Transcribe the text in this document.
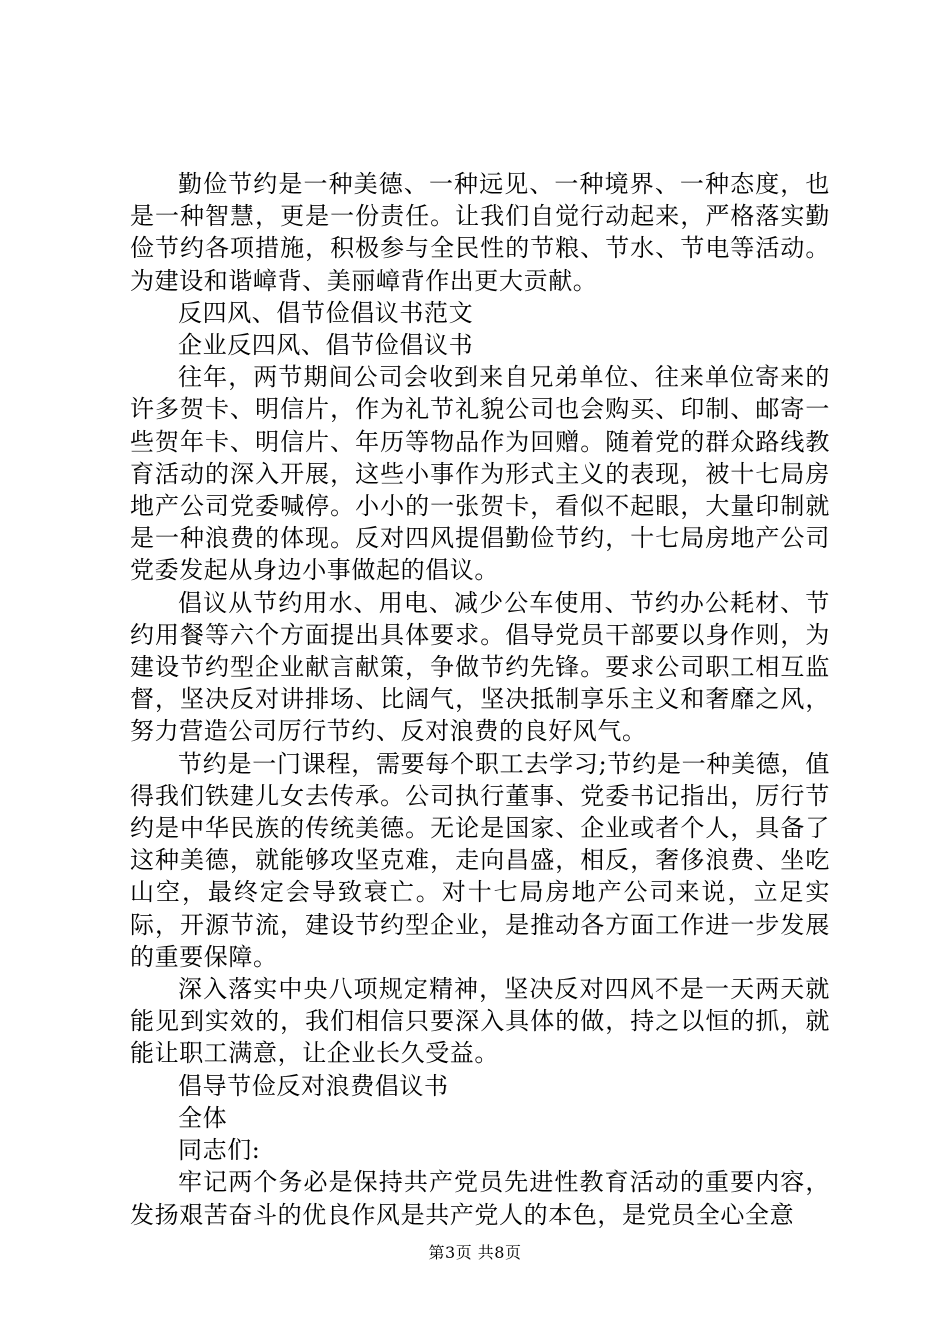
勤俭节约是一种美德、一种远见、一种境界、一种态度，也是一种智慧，更是一份责任。让我们自觉行动起来，严格落实勤俭节约各项措施，积极参与全民性的节粮、节水、节电等活动。为建设和谐嶂背、美丽嶂背作出更大贡献。

反四风、倡节俭倡议书范文

企业反四风、倡节俭倡议书

往年，两节期间公司会收到来自兄弟单位、往来单位寄来的许多贺卡、明信片，作为礼节礼貌公司也会购买、印制、邮寄一些贺年卡、明信片、年历等物品作为回赠。随着党的群众路线教育活动的深入开展，这些小事作为形式主义的表现，被十七局房地产公司党委喊停。小小的一张贺卡，看似不起眼，大量印制就是一种浪费的体现。反对四风提倡勤俭节约，十七局房地产公司党委发起从身边小事做起的倡议。

倡议从节约用水、用电、减少公车使用、节约办公耗材、节约用餐等六个方面提出具体要求。倡导党员干部要以身作则，为建设节约型企业献言献策，争做节约先锋。要求公司职工相互监督，坚决反对讲排场、比阔气，坚决抵制享乐主义和奢靡之风，努力营造公司厉行节约、反对浪费的良好风气。

节约是一门课程，需要每个职工去学习;节约是一种美德，值得我们铁建儿女去传承。公司执行董事、党委书记指出，厉行节约是中华民族的传统美德。无论是国家、企业或者个人，具备了这种美德，就能够攻坚克难，走向昌盛，相反，奢侈浪费、坐吃山空，最终定会导致衰亡。对十七局房地产公司来说，立足实际，开源节流，建设节约型企业，是推动各方面工作进一步发展的重要保障。

深入落实中央八项规定精神，坚决反对四风不是一天两天就能见到实效的，我们相信只要深入具体的做，持之以恒的抓，就能让职工满意，让企业长久受益。

倡导节俭反对浪费倡议书

全体

同志们:

牢记两个务必是保持共产党员先进性教育活动的重要内容，发扬艰苦奋斗的优良作风是共产党人的本色，是党员全心全意

第3页 共8页
